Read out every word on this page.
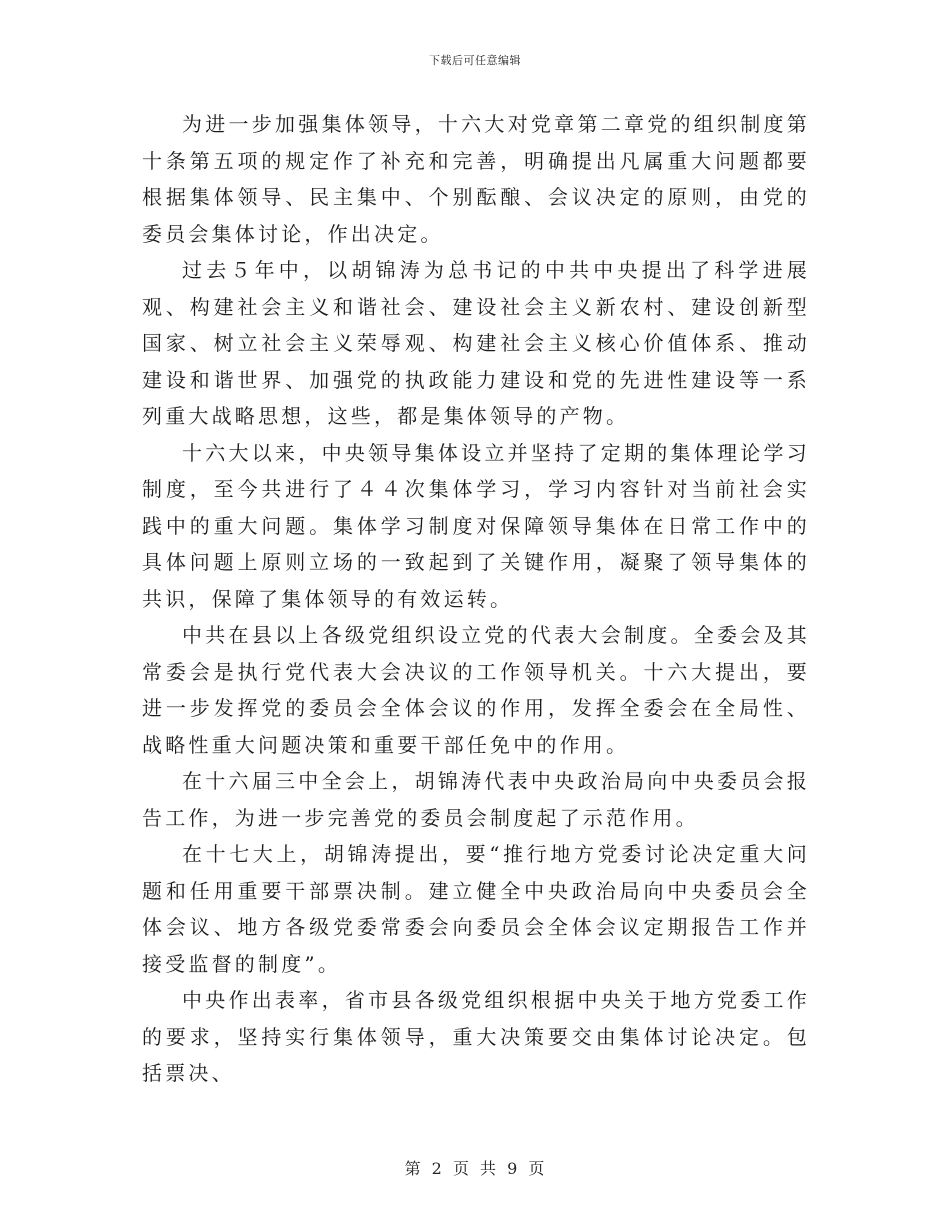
下载后可任意编辑

为进一步加强集体领导，十六大对党章第二章党的组织制度第十条第五项的规定作了补充和完善，明确提出凡属重大问题都要根据集体领导、民主集中、个别酝酿、会议决定的原则，由党的委员会集体讨论，作出决定。

过去５年中，以胡锦涛为总书记的中共中央提出了科学进展观、构建社会主义和谐社会、建设社会主义新农村、建设创新型国家、树立社会主义荣辱观、构建社会主义核心价值体系、推动建设和谐世界、加强党的执政能力建设和党的先进性建设等一系列重大战略思想，这些，都是集体领导的产物。

十六大以来，中央领导集体设立并坚持了定期的集体理论学习制度，至今共进行了４４次集体学习，学习内容针对当前社会实践中的重大问题。集体学习制度对保障领导集体在日常工作中的具体问题上原则立场的一致起到了关键作用，凝聚了领导集体的共识，保障了集体领导的有效运转。

中共在县以上各级党组织设立党的代表大会制度。全委会及其常委会是执行党代表大会决议的工作领导机关。十六大提出，要进一步发挥党的委员会全体会议的作用，发挥全委会在全局性、战略性重大问题决策和重要干部任免中的作用。

在十六届三中全会上，胡锦涛代表中央政治局向中央委员会报告工作，为进一步完善党的委员会制度起了示范作用。

在十七大上，胡锦涛提出，要“推行地方党委讨论决定重大问题和任用重要干部票决制。建立健全中央政治局向中央委员会全体会议、地方各级党委常委会向委员会全体会议定期报告工作并接受监督的制度”。

中央作出表率，省市县各级党组织根据中央关于地方党委工作的要求，坚持实行集体领导，重大决策要交由集体讨论决定。包括票决、

第 2 页 共 9 页
